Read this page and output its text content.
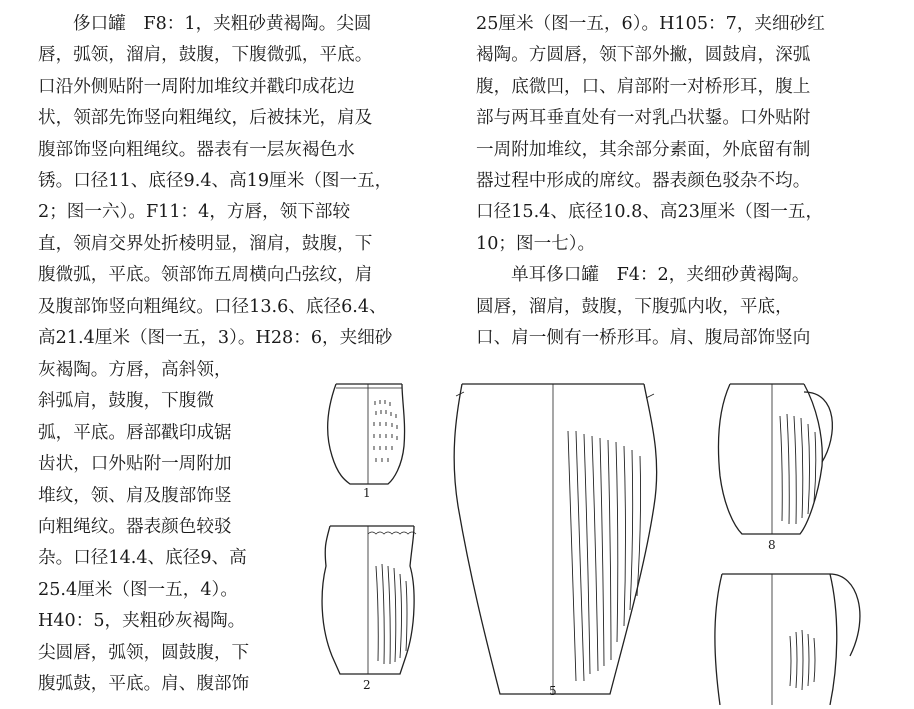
侈口罐　F8：1，夹粗砂黄褐陶。尖圆
唇，弧领，溜肩，鼓腹，下腹微弧，平底。
口沿外侧贴附一周附加堆纹并戳印成花边
状，领部先饰竖向粗绳纹，后被抹光，肩及
腹部饰竖向粗绳纹。器表有一层灰褐色水
锈。口径11、底径9.4、高19厘米（图一五，
2；图一六）。F11：4，方唇，领下部较
直，领肩交界处折棱明显，溜肩，鼓腹，下
腹微弧，平底。领部饰五周横向凸弦纹，肩
及腹部饰竖向粗绳纹。口径13.6、底径6.4、
高21.4厘米（图一五，3）。H28：6，夹细砂
灰褐陶。方唇，高斜领，
斜弧肩，鼓腹，下腹微
弧，平底。唇部戳印成锯
齿状，口外贴附一周附加
堆纹，领、肩及腹部饰竖
向粗绳纹。器表颜色较驳
杂。口径14.4、底径9、高
25.4厘米（图一五，4）。
H40：5，夹粗砂灰褐陶。
尖圆唇，弧领，圆鼓腹，下
腹弧鼓，平底。肩、腹部饰
25厘米（图一五，6）。H105：7，夹细砂红
褐陶。方圆唇，领下部外撇，圆鼓肩，深弧
腹，底微凹，口、肩部附一对桥形耳，腹上
部与两耳垂直处有一对乳凸状鋬。口外贴附
一周附加堆纹，其余部分素面，外底留有制
器过程中形成的席纹。器表颜色驳杂不均。
口径15.4、底径10.8、高23厘米（图一五，
10；图一七）。
单耳侈口罐　F4：2，夹细砂黄褐陶。
圆唇，溜肩，鼓腹，下腹弧内收，平底，
口、肩一侧有一桥形耳。肩、腹局部饰竖向
1
2	5
8
